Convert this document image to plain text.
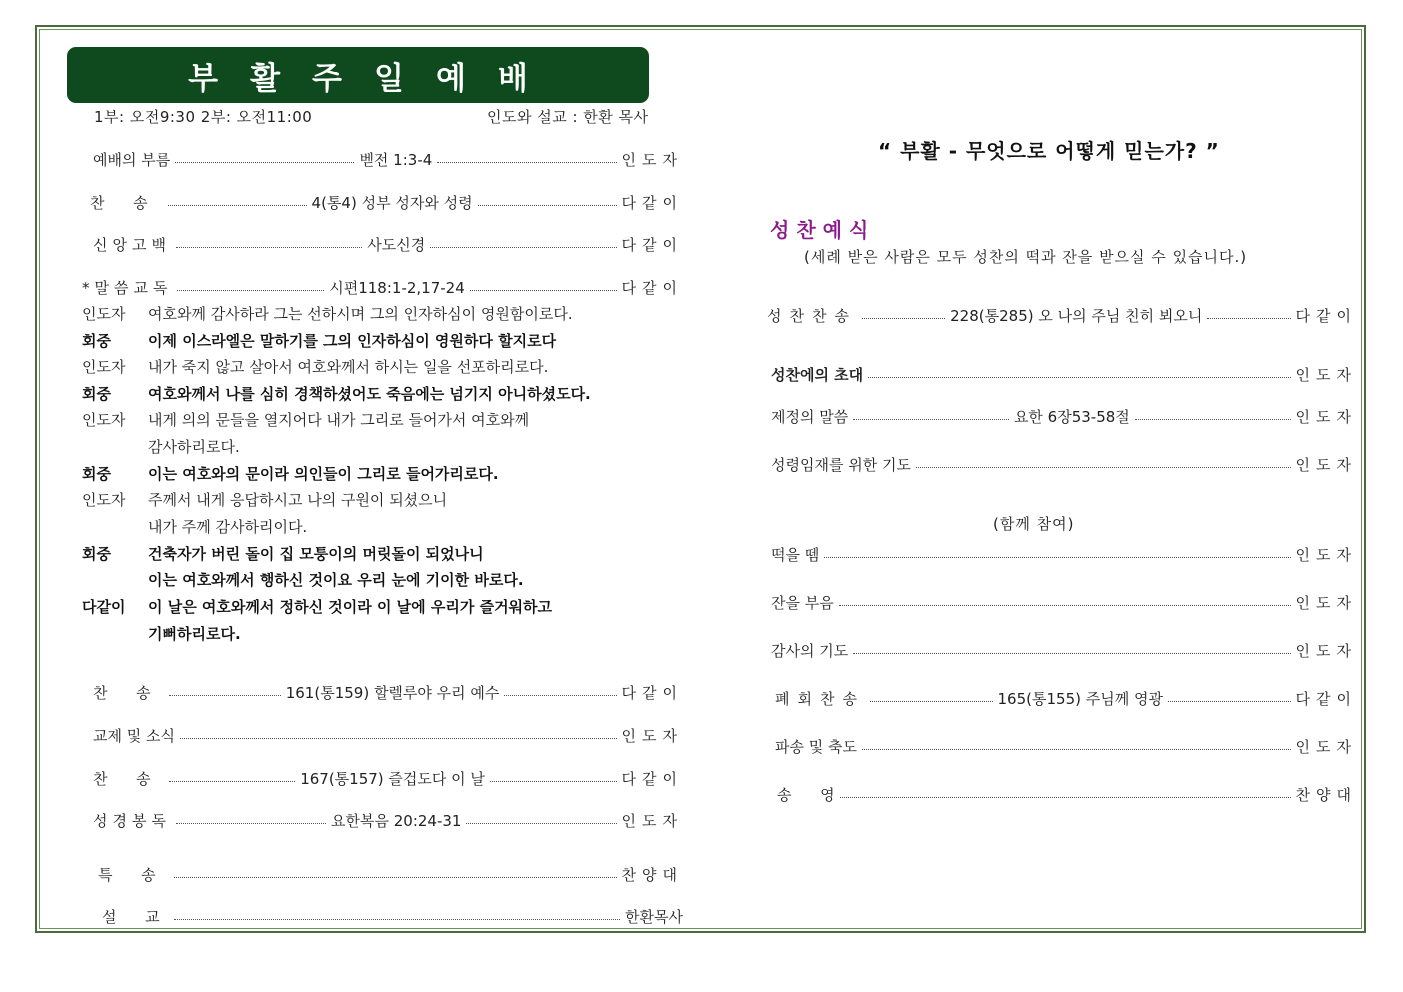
부활주일예배
1부: 오전9:30 2부: 오전11:00	인도와 설교 : 한환 목사
예배의 부름	벧전 1:3-4	인도자
찬      송	4(통4) 성부 성자와 성령	다같이
신앙고백	사도신경	다같이
*말씀교독	시편118:1-2,17-24	다같이
인도자	여호와께 감사하라 그는 선하시며 그의 인자하심이 영원함이로다.
회중	이제 이스라엘은 말하기를 그의 인자하심이 영원하다 할지로다
인도자	내가 죽지 않고 살아서 여호와께서 하시는 일을 선포하리로다.
회중	여호와께서 나를 심히 경책하셨어도 죽음에는 넘기지 아니하셨도다.
인도자	내게 의의 문들을 열지어다 내가 그리로 들어가서 여호와께
감사하리로다.
회중	이는 여호와의 문이라 의인들이 그리로 들어가리로다.
인도자	주께서 내게 응답하시고 나의 구원이 되셨으니
내가 주께 감사하리이다.
회중	건축자가 버린 돌이 집 모퉁이의 머릿돌이 되었나니
이는 여호와께서 행하신 것이요 우리 눈에 기이한 바로다.
다같이	이 날은 여호와께서 정하신 것이라 이 날에 우리가 즐거워하고
기뻐하리로다.
찬      송	161(통159) 할렐루야 우리 예수	다같이
교제 및 소식	인도자
찬      송	167(통157) 즐겁도다 이 날	다같이
성경봉독	요한복음 20:24-31	인도자
특      송	찬양대
설      교	한환목사
“ 부활 - 무엇으로 어떻게 믿는가? ”
성찬예식
(세례 받은 사람은 모두 성찬의 떡과 잔을 받으실 수 있습니다.)
성찬찬송	228(통285) 오 나의 주님 친히 뵈오니	다같이
성찬에의 초대	인도자
제정의 말씀	요한 6장53-58절	인도자
성령임재를 위한 기도	인도자
(함께 참여)
떡을 뗌	인도자
잔을 부음	인도자
감사의 기도	인도자
폐회찬송	165(통155) 주님께 영광	다같이
파송 및 축도	인도자
송      영	찬양대
